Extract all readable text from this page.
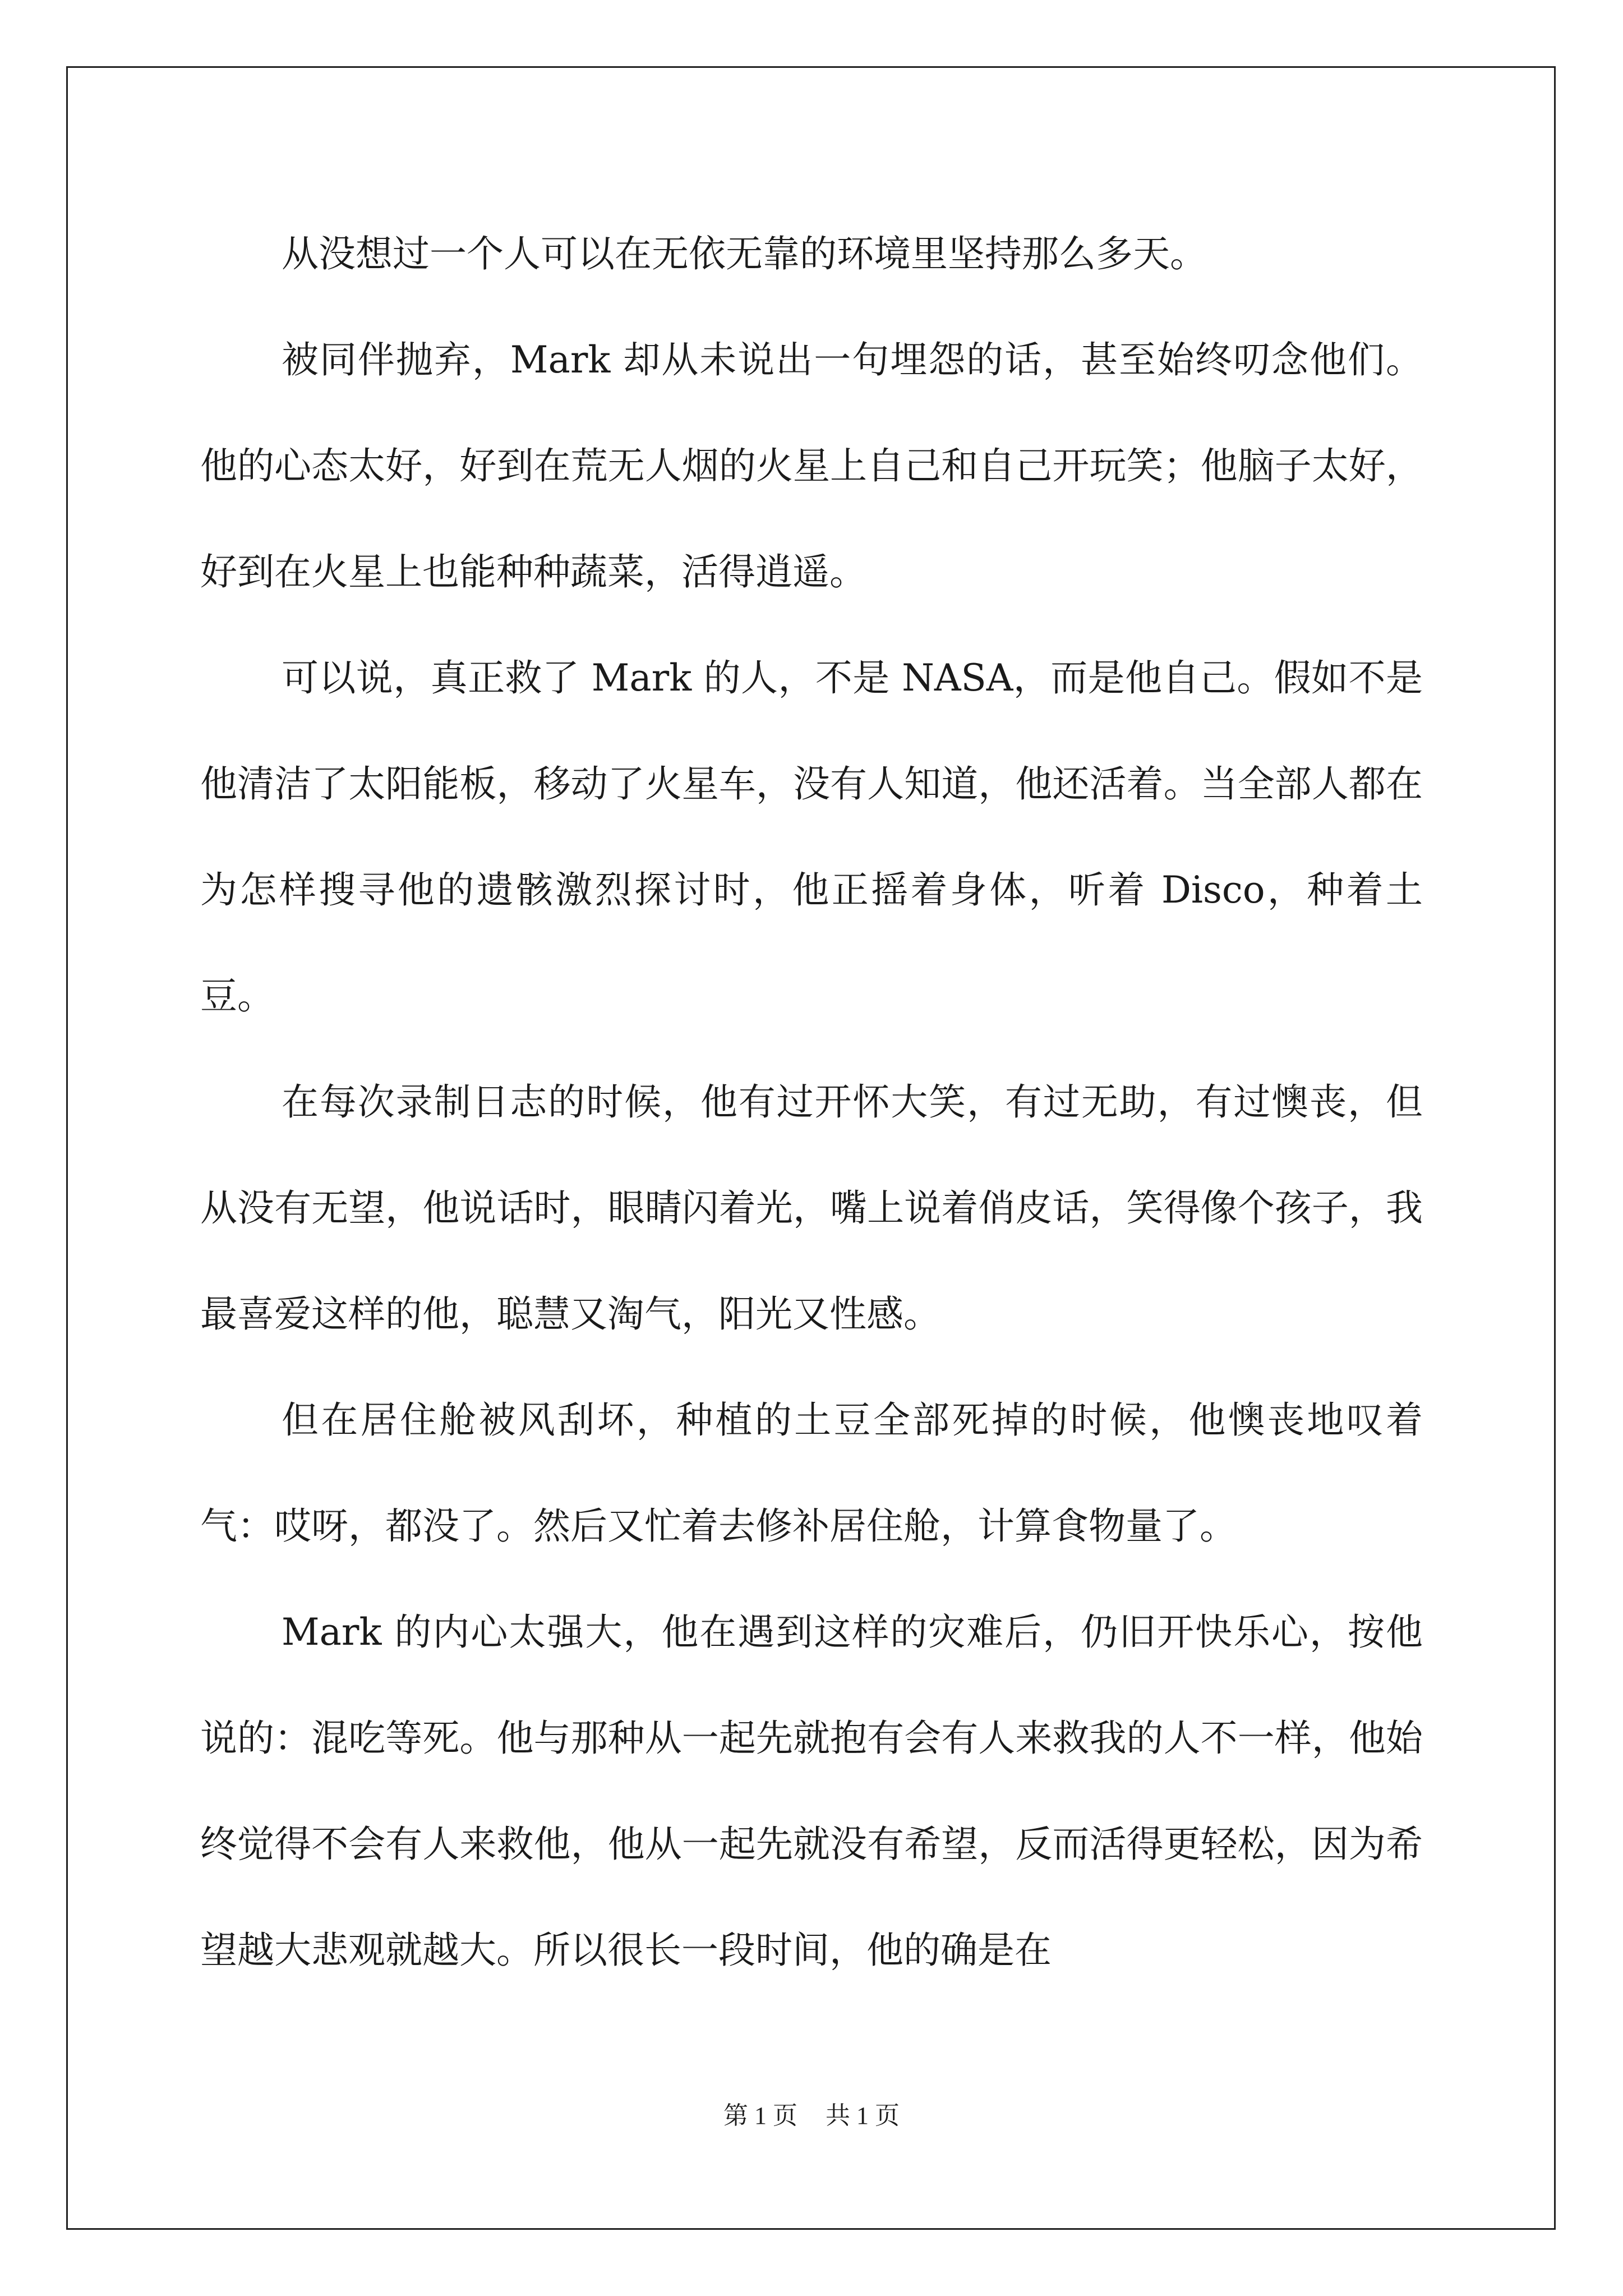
从没想过一个人可以在无依无靠的环境里坚持那么多天。

被同伴抛弃，Mark 却从未说出一句埋怨的话，甚至始终叨念他们。他的心态太好，好到在荒无人烟的火星上自己和自己开玩笑；他脑子太好，好到在火星上也能种种蔬菜，活得逍遥。

可以说，真正救了 Mark 的人，不是 NASA，而是他自己。假如不是他清洁了太阳能板，移动了火星车，没有人知道，他还活着。当全部人都在为怎样搜寻他的遗骸激烈探讨时，他正摇着身体，听着 Disco，种着土豆。

在每次录制日志的时候，他有过开怀大笑，有过无助，有过懊丧，但从没有无望，他说话时，眼睛闪着光，嘴上说着俏皮话，笑得像个孩子，我最喜爱这样的他，聪慧又淘气，阳光又性感。

但在居住舱被风刮坏，种植的土豆全部死掉的时候，他懊丧地叹着气：哎呀，都没了。然后又忙着去修补居住舱，计算食物量了。

Mark 的内心太强大，他在遇到这样的灾难后，仍旧开快乐心，按他说的：混吃等死。他与那种从一起先就抱有会有人来救我的人不一样，他始终觉得不会有人来救他，他从一起先就没有希望，反而活得更轻松，因为希望越大悲观就越大。所以很长一段时间，他的确是在

第 1 页 共 1 页
